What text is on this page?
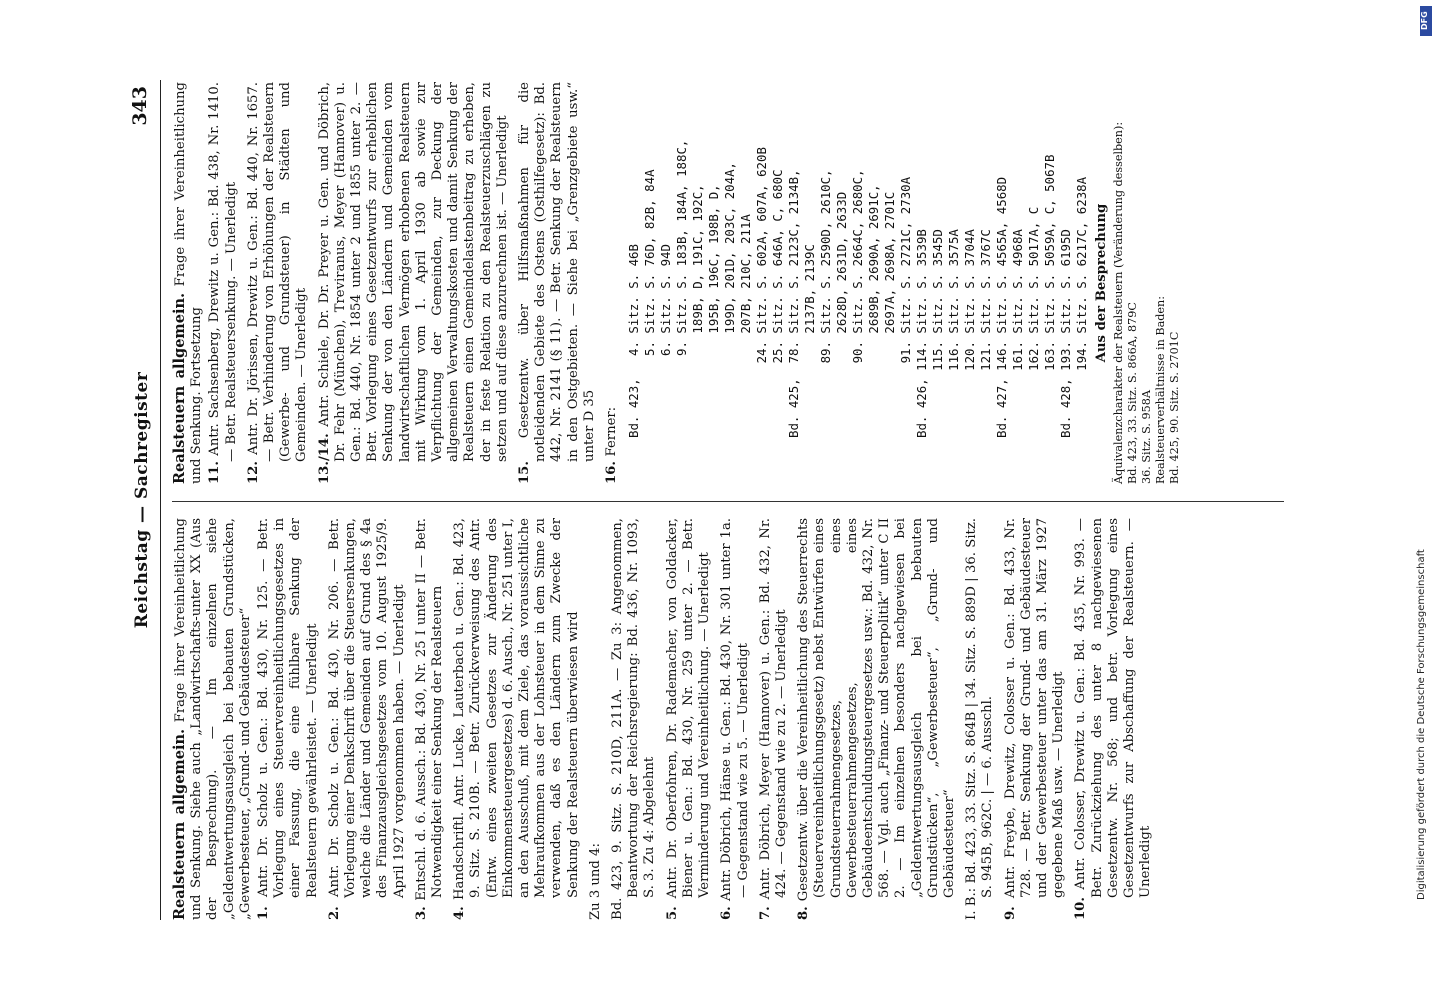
Reichstag — Sachregister
343

Realsteuern allgemein. Frage ihrer Vereinheitlichung und Senkung. Siehe auch „Landwirtschafts-unter XX (Aus der Besprechung). — Im einzelnen siehe „Geldentwertungsausgleich bei bebauten Grundstücken, „Gewerbesteuer, „Grund- und Gebäudesteuer“ 1. Antr. Dr. Scholz u. Gen.: Bd. 430, Nr. 125. — Betr. Vorlegung eines Steuervereinheitlichungsgesetzes in einer Fassung, die eine fühlbare Senkung der Realsteuern gewährleistet. — Unerledigt
2. Antr. Dr. Scholz u. Gen.: Bd. 430, Nr. 206. — Betr. Vorlegung einer Denkschrift über die Steuersenkungen, welche die Länder und Gemeinden auf Grund des § 4a des Finanzausgleichsgesetzes vom 10. August 1925/9. April 1927 vorgenommen haben. — Unerledigt
3. Entschl. d. 6. Aussch.: Bd. 430, Nr. 25 I unter II — Betr. Notwendigkeit einer Senkung der Realsteuern
4. Handschriftl. Antr. Lucke, Lauterbach u. Gen.: Bd. 423, 9. Sitz. S. 210B. — Betr. Zurückverweisung des Antr. (Entw. eines zweiten Gesetzes zur Änderung des Einkommensteuergesetzes) d. 6. Ausch., Nr. 251 unter I, an den Ausschuß, mit dem Ziele, das voraussichtliche Mehraufkommen aus der Lohnsteuer in dem Sinne zu verwenden, daß es den Ländern zum Zwecke der Senkung der Realsteuern überwiesen wird Zu 3 und 4: Bd. 423, 9. Sitz. S. 210D, 211A. — Zu 3: Angenommen, Beantwortung der Reichsregierung: Bd. 436, Nr. 1093, S. 3. Zu 4: Abgelehnt
5. Antr. Dr. Oberfohren, Dr. Rademacher, von Goldacker, Biener u. Gen.: Bd. 430, Nr. 259 unter 2. — Betr. Verminderung und Vereinheitlichung. — Unerledigt
6. Antr. Döbrich, Hänse u. Gen.: Bd. 430, Nr. 301 unter 1a. — Gegenstand wie zu 5. — Unerledigt
7. Antr. Döbrich, Meyer (Hannover) u. Gen.: Bd. 432, Nr. 424. — Gegenstand wie zu 2. — Unerledigt
8. Gesetzentw. über die Vereinheitlichung des Steuerrechts (Steuervereinheitlichungsgesetz) nebst Entwürfen eines Grundsteuerrahmengesetzes, eines Gewerbesteuerrahmengesetzes, eines Gebäudeentschuldungsteuergesetzes usw.: Bd. 432, Nr. 568. — Vgl. auch „Finanz- und Steuerpolitik“ unter C II 2. — Im einzelnen besonders nachgewiesen bei „Geldentwertungsausgleich bei bebauten Grundstücken“, „Gewerbesteuer“, „Grund- und Gebäudesteuer“ I. B.: Bd. 423, 33. Sitz. S. 864B | 34. Sitz. S. 889D | 36. Sitz. S. 945B, 962C. | — 6. Ausschl.
9. Antr. Freybe, Drewitz, Colosser u. Gen.: Bd. 433, Nr. 728. — Betr. Senkung der Grund- und Gebäudesteuer und der Gewerbesteuer unter das am 31. März 1927 gegebene Maß usw. — Unerledigt
10. Antr. Colosser, Drewitz u. Gen.: Bd. 435, Nr. 993. — Betr. Zurückziehung des unter 8 nachgewiesenen Gesetzentw. Nr. 568; und betr. Vorlegung eines Gesetzentwurfs zur Abschaffung der Realsteuern. — Unerledigt

Realsteuern allgemein. Frage ihrer Vereinheitlichung und Senkung. Fortsetzung 11. Antr. Sachsenberg, Drewitz u. Gen.: Bd. 438, Nr. 1410. — Betr. Realsteuersenkung. — Unerledigt
12. Antr. Dr. Jörissen, Drewitz u. Gen.: Bd. 440, Nr. 1657. — Betr. Verhinderung von Erhöhungen der Realsteuern (Gewerbe- und Grundsteuer) in Städten und Gemeinden. — Unerledigt 13./14. Antr. Schiele, Dr. Dr. Preyer u. Gen. und Döbrich, Dr. Fehr (München), Treviranus, Meyer (Hannover) u. Gen.: Bd. 440, Nr. 1854 unter 2 und 1855 unter 2. — Betr. Vorlegung eines Gesetzentwurfs zur erheblichen Senkung der von den Ländern und Gemeinden vom landwirtschaftlichen Vermögen erhobenen Realsteuern mit Wirkung vom 1. April 1930 ab sowie zur Verpflichtung der Gemeinden, zur Deckung der allgemeinen Verwaltungskosten und damit Senkung der Realsteuern einen Gemeindelastenbeitrag zu erheben, der in feste Relation zu den Realsteuerzuschlägen zu setzen und auf diese anzurechnen ist. — Unerledigt 15. Gesetzentw. über Hilfsmaßnahmen für die notleidenden Gebiete des Ostens (Osthilfegesetz): Bd. 442, Nr. 2141 (§ 11). — Betr. Senkung der Realsteuern in den Ostgebieten. — Siehe bei „Grenzgebiete usw.“ unter D 35
16. Ferner: Bd. 423,   4. Sitz. S. 46B 5. Sitz. S. 76D, 82B, 84A 6. Sitz. S. 94D 9. Sitz. S. 183B, 184A, 188C, 189B, D, 191C, 192C, 195B, 196C, 198B, D, 199D, 201D, 203C, 204A, 207B, 210C, 211A 24. Sitz. S. 602A, 607A, 620B 25. Sitz. S. 646A, C, 680C Bd. 425,  78. Sitz. S. 2123C, 2134B, 2137B, 2139C 89. Sitz. S. 2590D, 2610C, 2628D, 2631D, 2633D 90. Sitz. S. 2664C, 2680C, 2689B, 2690A, 2691C, 2697A, 2698A, 2701C 91. Sitz. S. 2721C, 2730A Bd. 426, 114. Sitz. S. 3539B 115. Sitz. S. 3545D 116. Sitz. S. 3575A 120. Sitz. S. 3704A 121. Sitz. S. 3767C Bd. 427, 146. Sitz. S. 4565A, 4568D 161. Sitz. S. 4968A 162. Sitz. S. 5017A, C 163. Sitz. S. 5059A, C, 5067B Bd. 428, 193. Sitz. S. 6195D 194. Sitz. S. 6217C, 6238A Aus der Besprechung Äquivalenzcharakter der Realsteuern (Veränderung desselben): Bd. 423, 33. Sitz. S. 866A, 879C 36. Sitz. S. 958A Realsteuerverhältnisse in Baden: Bd. 425, 90. Sitz. S. 2701C
Digitalisierung gefördert durch die Deutsche Forschungsgemeinschaft
DFG
